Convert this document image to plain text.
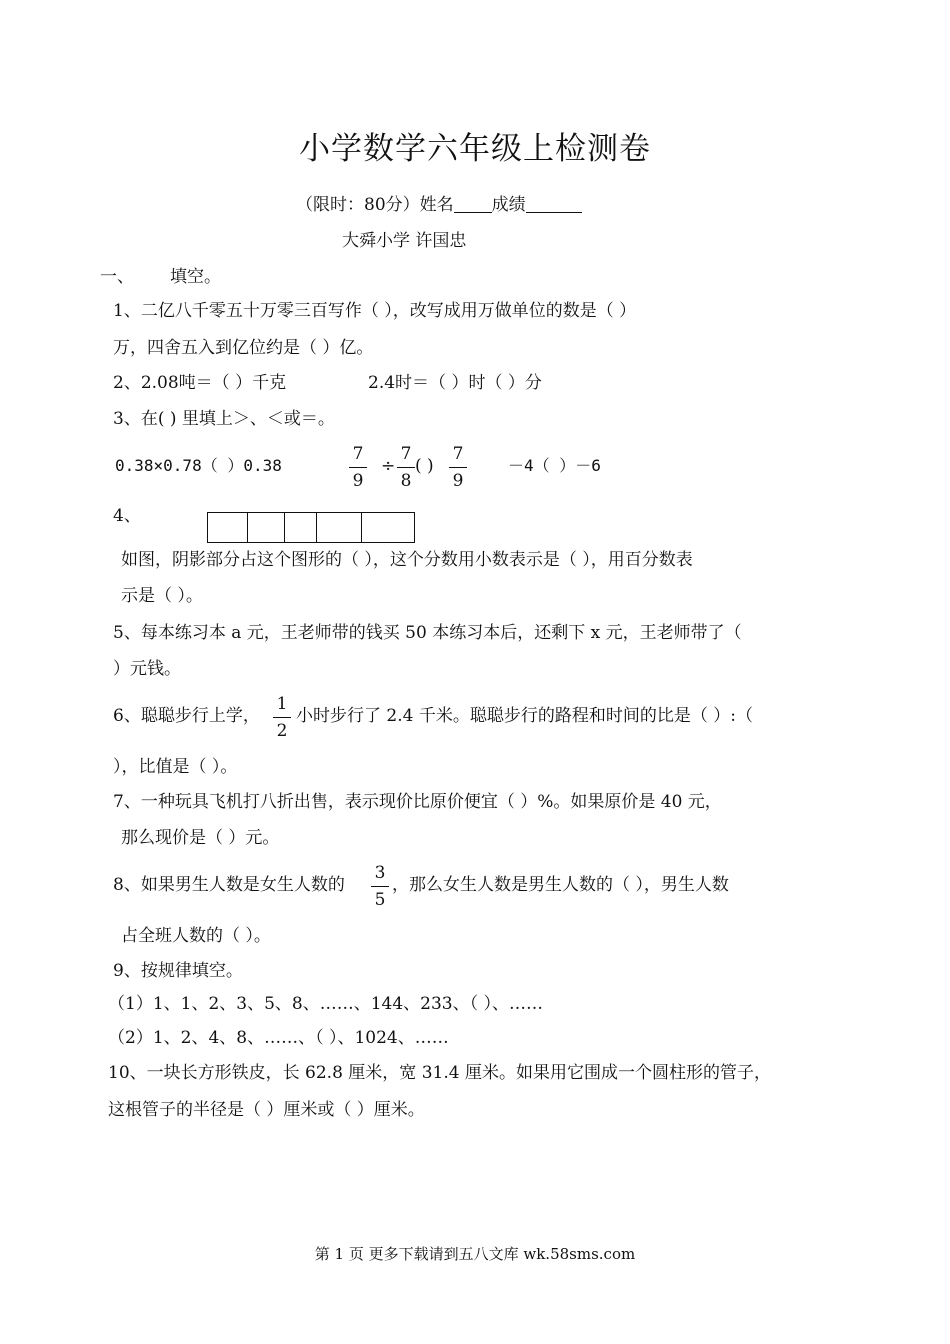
小学数学六年级上检测卷
（限时：80分）姓名 成绩
大舜小学 许国忠
一、 填空。
1、二亿八千零五十万零三百写作（ ），改写成用万做单位的数是（ ）
万，四舍五入到亿位约是（ ）亿。
2、2.08吨＝（ ）千克	2.4时＝（ ）时（ ）分
3、在( ) 里填上＞、＜或＝。
0.38×0.78（ ）0.38
7
9
÷
7
8
( )
7
9
－4（ ）－6
4、
如图，阴影部分占这个图形的（ ），这个分数用小数表示是（ ），用百分数表
示是（ ）。
5、每本练习本 a 元，王老师带的钱买 50 本练习本后，还剩下 x 元，王老师带了（
）元钱。
6、聪聪步行上学，
1
2
小时步行了 2.4 千米。聪聪步行的路程和时间的比是（ ）:（
），比值是（ ）。
7、一种玩具飞机打八折出售，表示现价比原价便宜（ ）%。如果原价是 40 元，
那么现价是（ ）元。
8、如果男生人数是女生人数的
3
5
，那么女生人数是男生人数的（ ），男生人数
占全班人数的（ ）。
9、按规律填空。
（1）1、1、2、3、5、8、……、144、233、（ ）、……
（2）1、2、4、8、……、（ ）、1024、……
10、一块长方形铁皮，长 62.8 厘米，宽 31.4 厘米。如果用它围成一个圆柱形的管子，
这根管子的半径是（ ）厘米或（ ）厘米。
第 1 页 更多下载请到五八文库 wk.58sms.com
